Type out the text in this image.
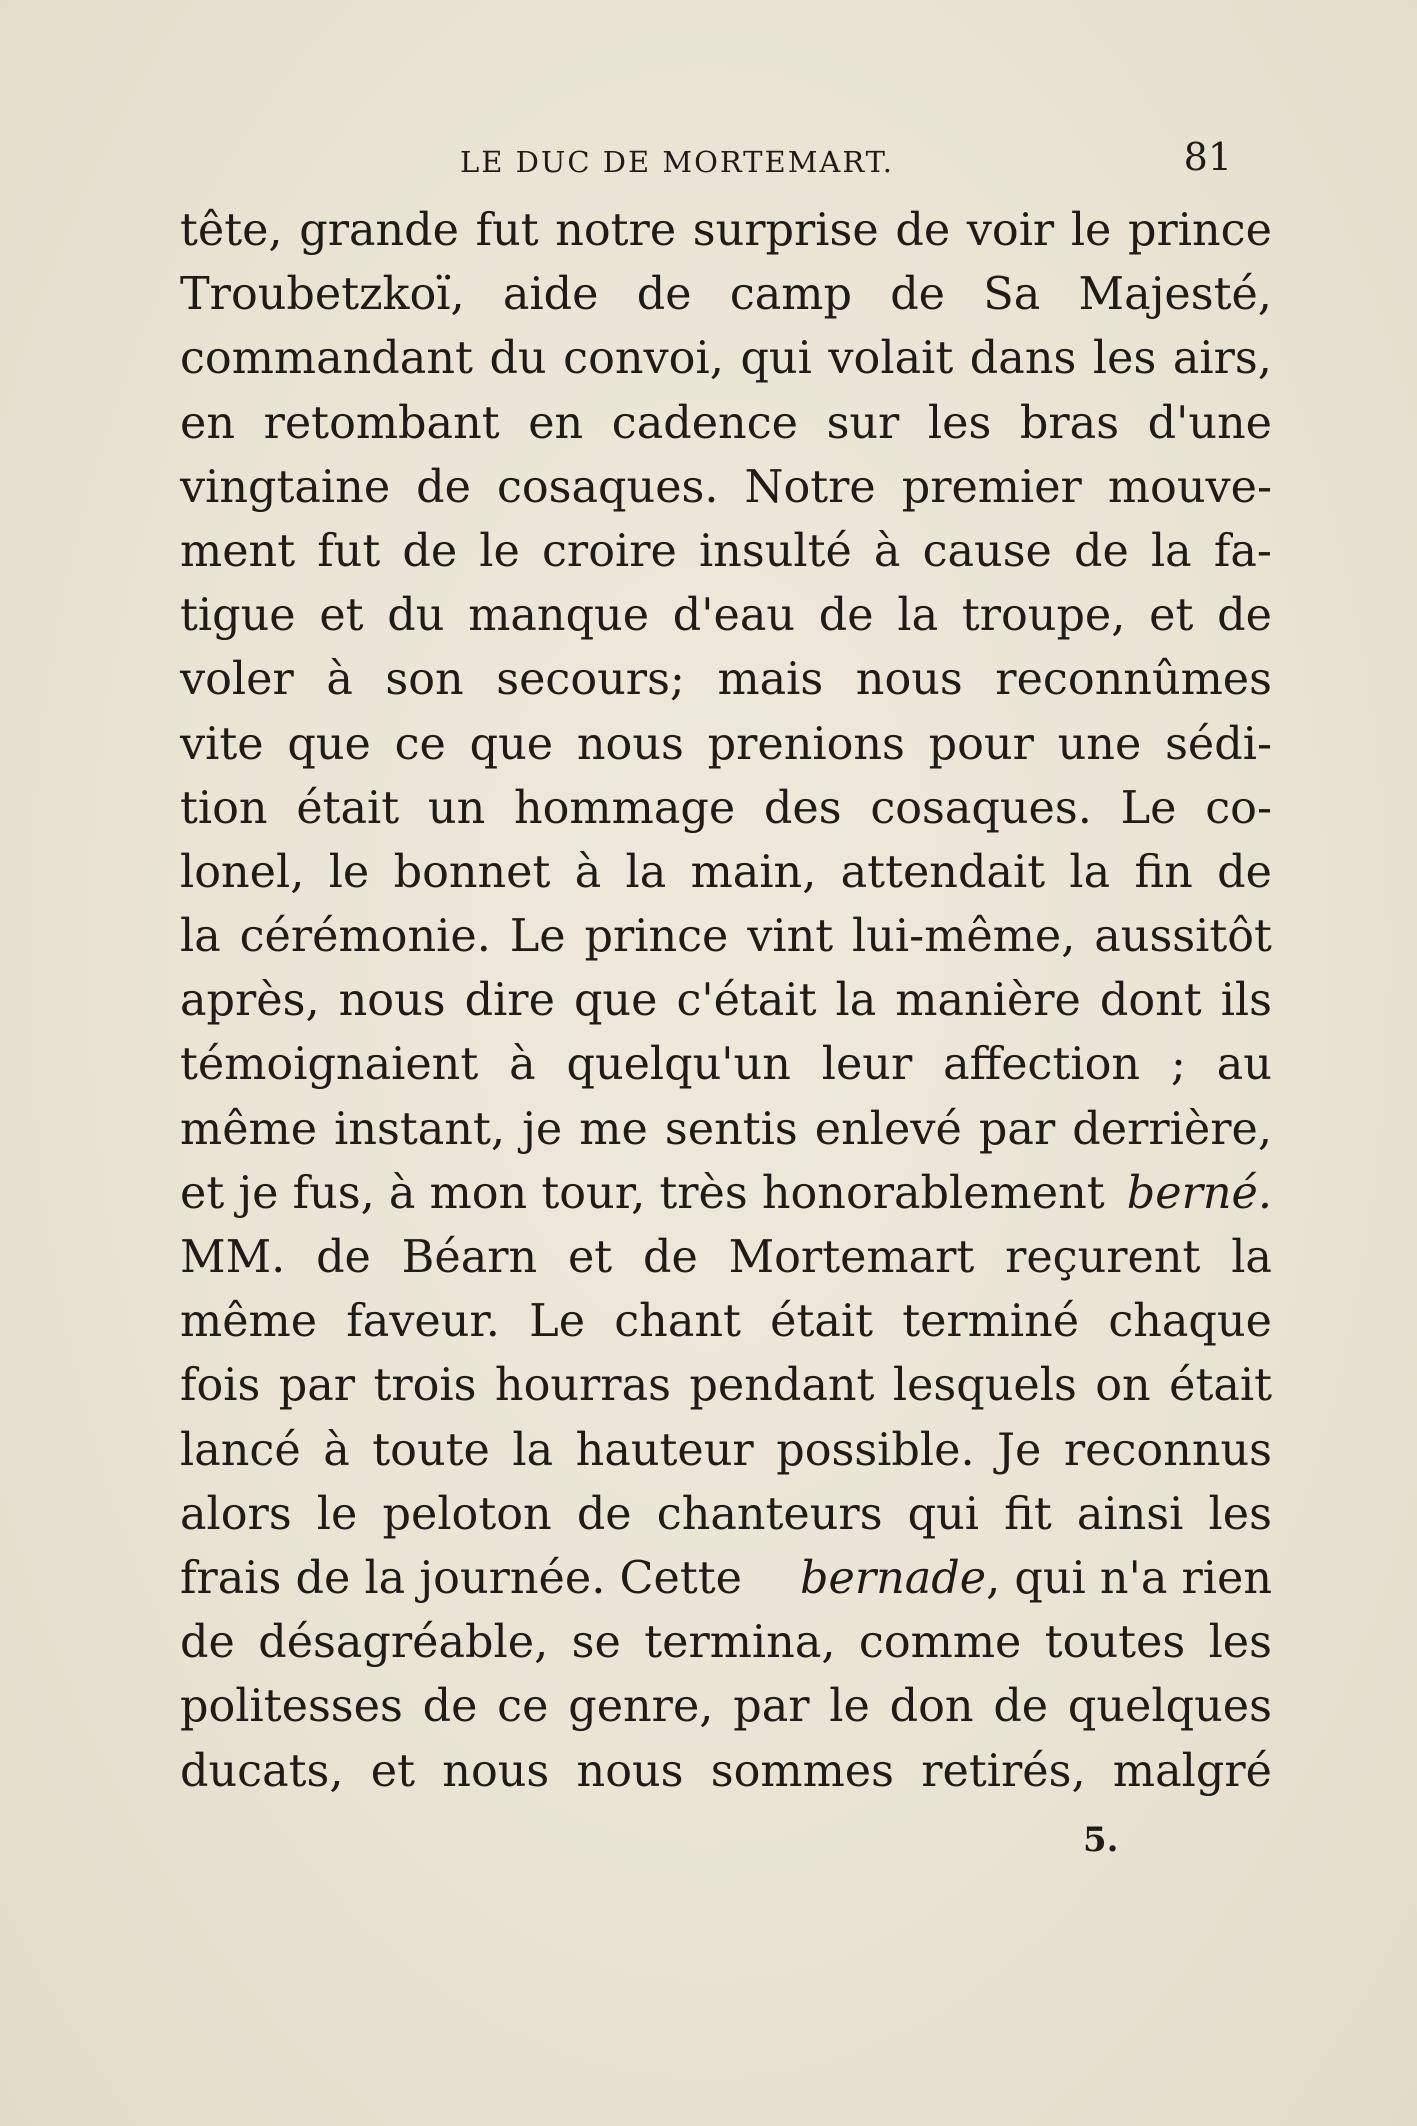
LE DUC DE MORTEMART.	81
tête, grande fut notre surprise de voir le prince
Troubetzkoï, aide de camp de Sa Majesté,
commandant du convoi, qui volait dans les airs,
en retombant en cadence sur les bras d'une
vingtaine de cosaques. Notre premier mouve-
ment fut de le croire insulté à cause de la fa-
tigue et du manque d'eau de la troupe, et de
voler à son secours; mais nous reconnûmes
vite que ce que nous prenions pour une sédi-
tion était un hommage des cosaques. Le co-
lonel, le bonnet à la main, attendait la fin de
la cérémonie. Le prince vint lui-même, aussitôt
après, nous dire que c'était la manière dont ils
témoignaient à quelqu'un leur affection ; au
même instant, je me sentis enlevé par derrière,
et je fus, à mon tour, très honorablement berné.
MM. de Béarn et de Mortemart reçurent la
même faveur. Le chant était terminé chaque
fois par trois hourras pendant lesquels on était
lancé à toute la hauteur possible. Je reconnus
alors le peloton de chanteurs qui fit ainsi les
frais de la journée. Cette bernade, qui n'a rien
de désagréable, se termina, comme toutes les
politesses de ce genre, par le don de quelques
ducats, et nous nous sommes retirés, malgré
5.
